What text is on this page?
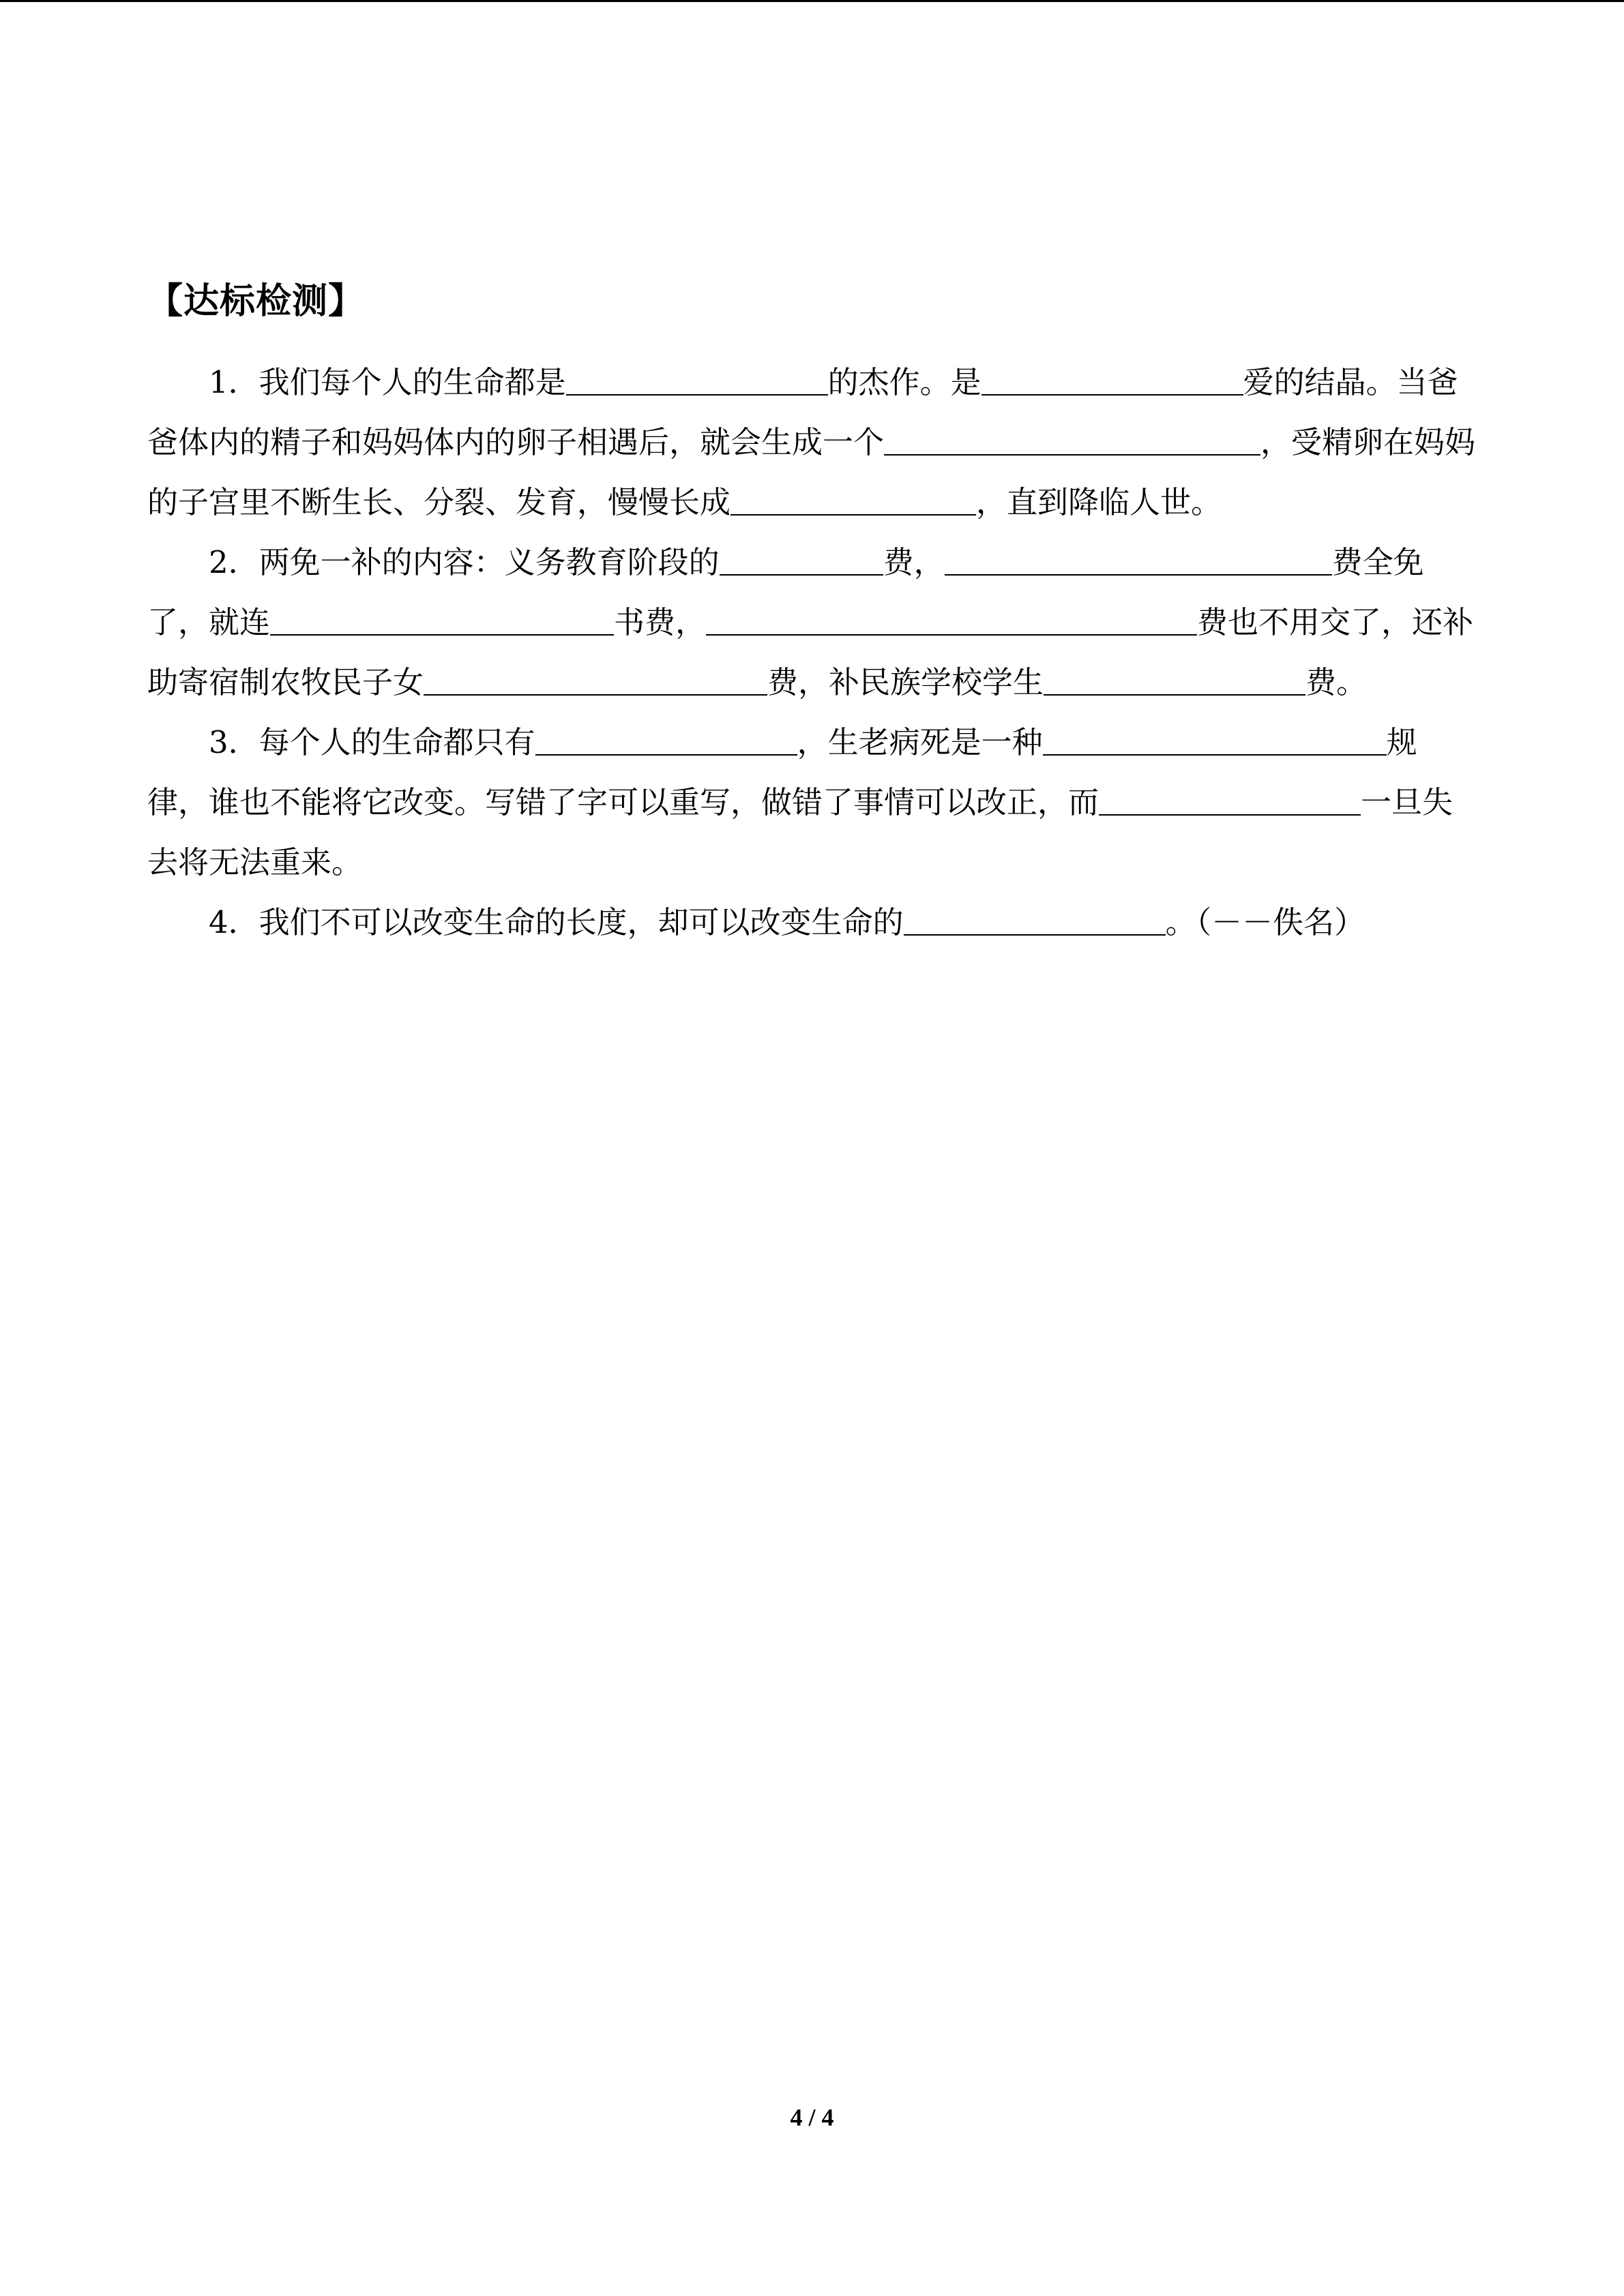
【达标检测】

1．我们每个人的生命都是	的杰作。是	爱的结晶。当爸爸体内的精子和妈妈体内的卵子相遇后，就会生成一个	，受精卵在妈妈的子宫里不断生长、分裂、发育，慢慢长成	，直到降临人世。

2．两免一补的内容：义务教育阶段的	费，	费全免了，就连	书费，	费也不用交了，还补助寄宿制农牧民子女	费，补民族学校学生	费。

3．每个人的生命都只有	，生老病死是一种	规律，谁也不能将它改变。写错了字可以重写，做错了事情可以改正，而	一旦失去将无法重来。

4．我们不可以改变生命的长度，却可以改变生命的	。（－－佚名）

4 / 4
